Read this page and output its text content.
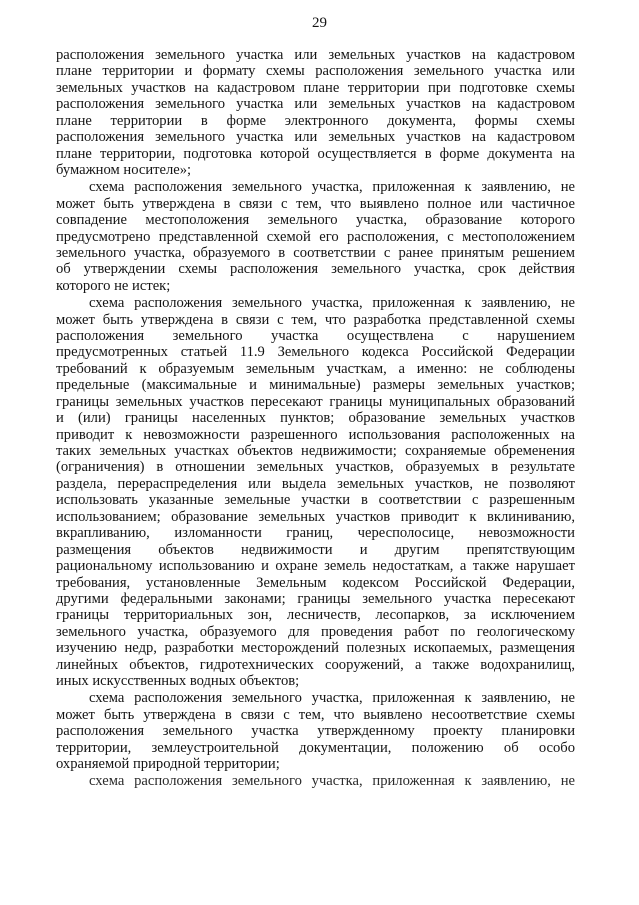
29
расположения земельного участка или земельных участков на кадастровом
плане территории и формату схемы расположения земельного участка или
земельных участков на кадастровом плане территории при подготовке схемы
расположения земельного участка или земельных участков на кадастровом
плане территории в форме электронного документа, формы схемы
расположения земельного участка или земельных участков на кадастровом
плане территории, подготовка которой осуществляется в форме документа на
бумажном носителе»;
схема расположения земельного участка, приложенная к заявлению, не
может быть утверждена в связи с тем, что выявлено полное или частичное
совпадение местоположения земельного участка, образование которого
предусмотрено представленной схемой его расположения, с местоположением
земельного участка, образуемого в соответствии с ранее принятым решением
об утверждении схемы расположения земельного участка, срок действия
которого не истек;
схема расположения земельного участка, приложенная к заявлению, не
может быть утверждена в связи с тем, что разработка представленной схемы
расположения земельного участка осуществлена с нарушением
предусмотренных статьей 11.9 Земельного кодекса Российской Федерации
требований к образуемым земельным участкам, а именно: не соблюдены
предельные (максимальные и минимальные) размеры земельных участков;
границы земельных участков пересекают границы муниципальных образований
и (или) границы населенных пунктов; образование земельных участков
приводит к невозможности разрешенного использования расположенных на
таких земельных участках объектов недвижимости; сохраняемые обременения
(ограничения) в отношении земельных участков, образуемых в результате
раздела, перераспределения или выдела земельных участков, не позволяют
использовать указанные земельные участки в соответствии с разрешенным
использованием; образование земельных участков приводит к вклиниванию,
вкрапливанию, изломанности границ, чересполосице, невозможности
размещения объектов недвижимости и другим препятствующим
рациональному использованию и охране земель недостаткам, а также нарушает
требования, установленные Земельным кодексом Российской Федерации,
другими федеральными законами; границы земельного участка пересекают
границы территориальных зон, лесничеств, лесопарков, за исключением
земельного участка, образуемого для проведения работ по геологическому
изучению недр, разработки месторождений полезных ископаемых, размещения
линейных объектов, гидротехнических сооружений, а также водохранилищ,
иных искусственных водных объектов;
схема расположения земельного участка, приложенная к заявлению, не
может быть утверждена в связи с тем, что выявлено несоответствие схемы
расположения земельного участка утвержденному проекту планировки
территории, землеустроительной документации, положению об особо
охраняемой природной территории;
схема расположения земельного участка, приложенная к заявлению, не
